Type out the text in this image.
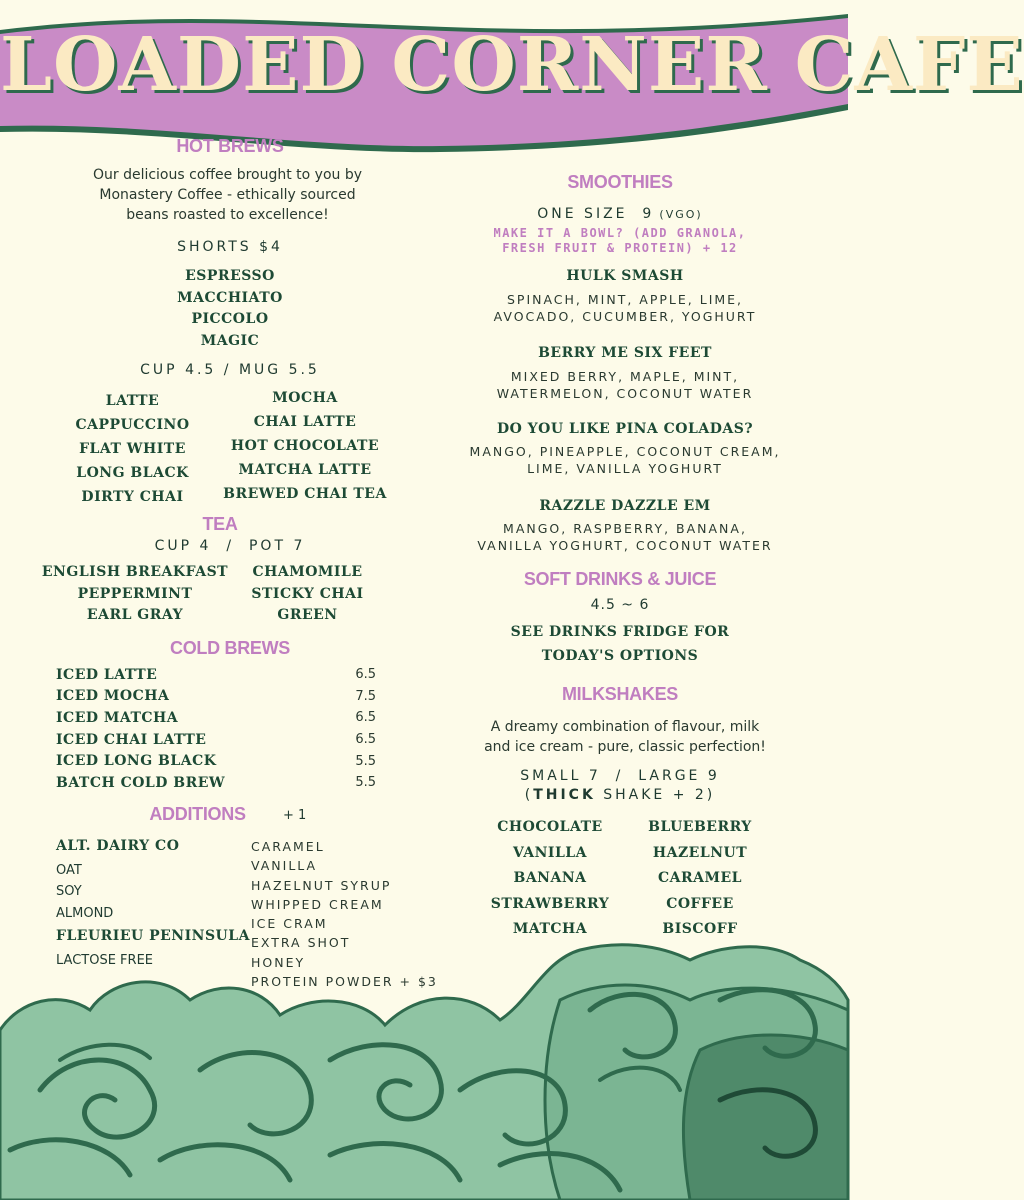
LOADED CORNER CAFE
HOT BREWS
Our delicious coffee brought to you by
Monastery Coffee - ethically sourced
beans roasted to excellence!
SHORTS $4
ESPRESSO
MACCHIATO
PICCOLO
MAGIC
CUP 4.5 / MUG 5.5
LATTE
CAPPUCCINO
FLAT WHITE
LONG BLACK
DIRTY CHAI
MOCHA
CHAI LATTE
HOT CHOCOLATE
MATCHA LATTE
BREWED CHAI TEA
TEA
CUP 4  /  POT 7
ENGLISH BREAKFAST
PEPPERMINT
EARL GRAY
CHAMOMILE
STICKY CHAI
GREEN
COLD BREWS
ICED LATTE	6.5
ICED MOCHA	7.5
ICED MATCHA	6.5
ICED CHAI LATTE	6.5
ICED LONG BLACK	5.5
BATCH COLD BREW	5.5
ADDITIONS	+ 1
ALT. DAIRY CO
OAT
SOY
ALMOND
FLEURIEU PENINSULA
LACTOSE FREE
CARAMEL
VANILLA
HAZELNUT SYRUP
WHIPPED CREAM
ICE CRAM
EXTRA SHOT
HONEY
PROTEIN POWDER + $3
SMOOTHIES
ONE SIZE  9 (VGO)
MAKE IT A BOWL? (ADD GRANOLA,
FRESH FRUIT & PROTEIN) + 12
HULK SMASH
SPINACH, MINT, APPLE, LIME,
AVOCADO, CUCUMBER, YOGHURT
BERRY ME SIX FEET
MIXED BERRY, MAPLE, MINT,
WATERMELON, COCONUT WATER
DO YOU LIKE PINA COLADAS?
MANGO, PINEAPPLE, COCONUT CREAM,
LIME, VANILLA YOGHURT
RAZZLE DAZZLE EM
MANGO, RASPBERRY, BANANA,
VANILLA YOGHURT, COCONUT WATER
SOFT DRINKS & JUICE
4.5 ~ 6
SEE DRINKS FRIDGE FOR
TODAY'S OPTIONS
MILKSHAKES
A dreamy combination of flavour, milk
and ice cream - pure, classic perfection!
SMALL 7  /  LARGE 9
(THICK SHAKE + 2)
CHOCOLATE
VANILLA
BANANA
STRAWBERRY
MATCHA
BLUEBERRY
HAZELNUT
CARAMEL
COFFEE
BISCOFF
